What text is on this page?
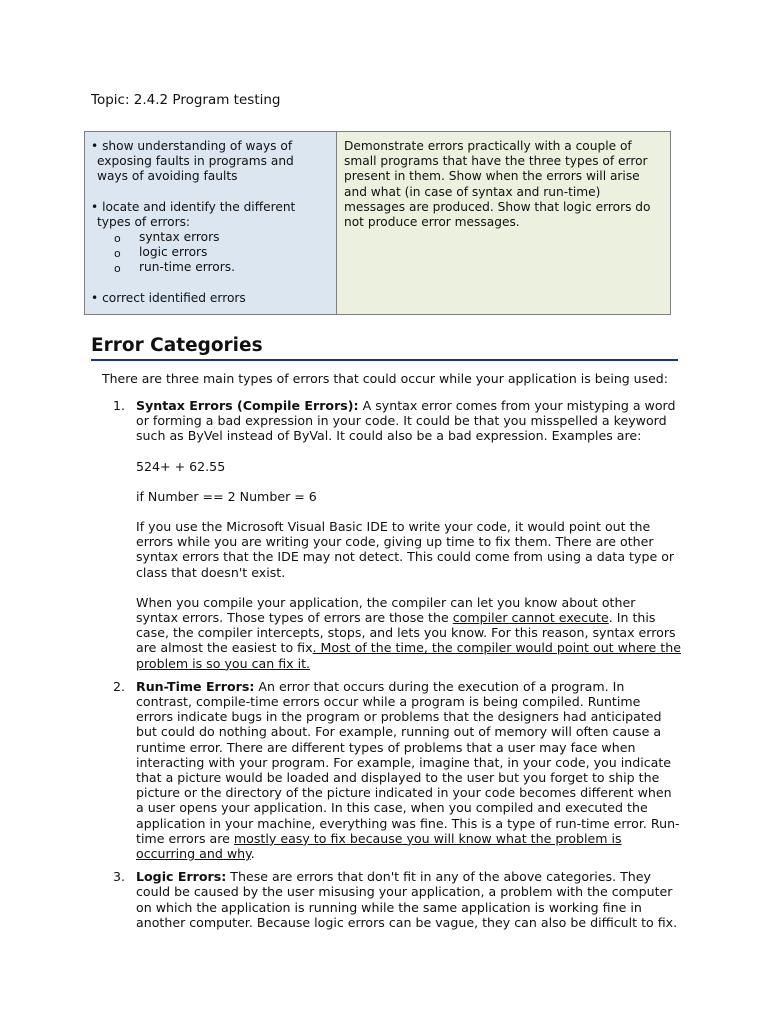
Topic: 2.4.2 Program testing
• show understanding of ways of
exposing faults in programs and
ways of avoiding faults
• locate and identify the different
types of errors:
o syntax errors
o logic errors
o run-time errors.
• correct identified errors
Demonstrate errors practically with a couple of small programs that have the three types of error present in them. Show when the errors will arise and what (in case of syntax and run-time) messages are produced. Show that logic errors do not produce error messages.
Error Categories
There are three main types of errors that could occur while your application is being used:
1. Syntax Errors (Compile Errors): A syntax error comes from your mistyping a word or forming a bad expression in your code. It could be that you misspelled a keyword such as ByVel instead of ByVal. It could also be a bad expression. Examples are:

524+ + 62.55

if Number == 2 Number = 6

If you use the Microsoft Visual Basic IDE to write your code, it would point out the errors while you are writing your code, giving up time to fix them. There are other syntax errors that the IDE may not detect. This could come from using a data type or class that doesn't exist.

When you compile your application, the compiler can let you know about other syntax errors. Those types of errors are those the compiler cannot execute. In this case, the compiler intercepts, stops, and lets you know. For this reason, syntax errors are almost the easiest to fix. Most of the time, the compiler would point out where the problem is so you can fix it.

2. Run-Time Errors: An error that occurs during the execution of a program. In contrast, compile-time errors occur while a program is being compiled. Runtime errors indicate bugs in the program or problems that the designers had anticipated but could do nothing about. For example, running out of memory will often cause a runtime error. There are different types of problems that a user may face when interacting with your program. For example, imagine that, in your code, you indicate that a picture would be loaded and displayed to the user but you forget to ship the picture or the directory of the picture indicated in your code becomes different when a user opens your application. In this case, when you compiled and executed the application in your machine, everything was fine. This is a type of run-time error. Run-time errors are mostly easy to fix because you will know what the problem is occurring and why.

3. Logic Errors: These are errors that don't fit in any of the above categories. They could be caused by the user misusing your application, a problem with the computer on which the application is running while the same application is working fine in another computer. Because logic errors can be vague, they can also be difficult to fix.
